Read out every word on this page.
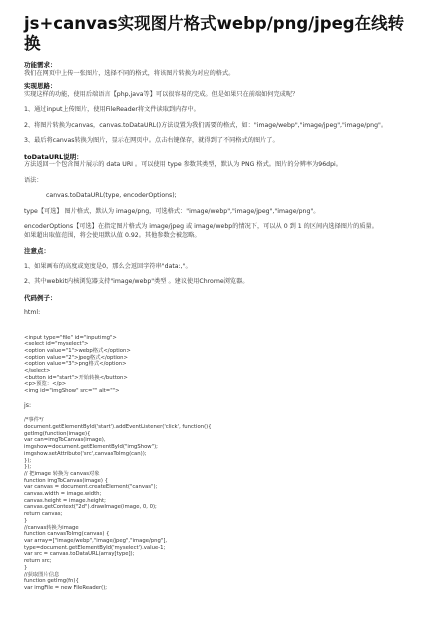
js+canvas实现图片格式webp/png/jpeg在线转换

功能需求：

我们在网页中上传一张图片，选择不同的格式，将该图片转换为对应的格式。

实现思路：

实现这样的功能，使用后端语言【php,java等】可以很容易的完成。但是如果只在前端如何完成呢？

1、通过input上传图片，使用FileReader将文件读取到内存中。

2、将图片转换为canvas，canvas.toDataURL()方法设置为我们需要的格式，如："image/webp","image/jpeg","image/png"。

3、最后将canvas转换为图片，显示在网页中。点击右键保存，就得到了不同格式的图片了。

toDataURL说明：

方法返回一个包含图片展示的 data URI 。可以使用 type 参数其类型，默认为 PNG 格式。图片的分辨率为96dpi。

语法：

canvas.toDataURL(type, encoderOptions);

type【可选】 图片格式，默认为 image/png，可选格式："image/webp","image/jpeg","image/png"。

encoderOptions【可选】在指定图片格式为 image/jpeg 或 image/webp的情况下，可以从 0 到 1 的区间内选择图片的质量。

如果超出取值范围，将会使用默认值 0.92。其他参数会被忽略。

注意点：

1、如果画布的高度或宽度是0，那么会返回字符串"data:,"。

2、其中webkit内核浏览器支持"image/webp"类型 。建议使用Chrome浏览器。

代码例子：

html:

<input type="file" id="inputimg">

<select id="myselect">

<option value="1">webp格式</option>

<option value="2">jpeg格式</option>

<option value="3">png格式</option>

</select>

<button id="start">开始转换</button>

<p>预览：</p>

<img id="imgShow" src="" alt="">

js:

/*事件*/

document.getElementById('start').addEventListener('click', function(){

getImg(function(image){

var can=imgToCanvas(image),

imgshow=document.getElementById("imgShow");

imgshow.setAttribute('src',canvasToImg(can));

});

});

// 把image 转换为 canvas对象

function imgToCanvas(image) {

var canvas = document.createElement("canvas");

canvas.width = image.width;

canvas.height = image.height;

canvas.getContext("2d").drawImage(image, 0, 0);

return canvas;

}

//canvas转换为image

function canvasToImg(canvas) {

var array=["image/webp","image/jpeg","image/png"],

type=document.getElementById('myselect').value-1;

var src = canvas.toDataURL(array[type]);

return src;

}

//获取图片信息

function getImg(fn){

var imgFile = new FileReader();
